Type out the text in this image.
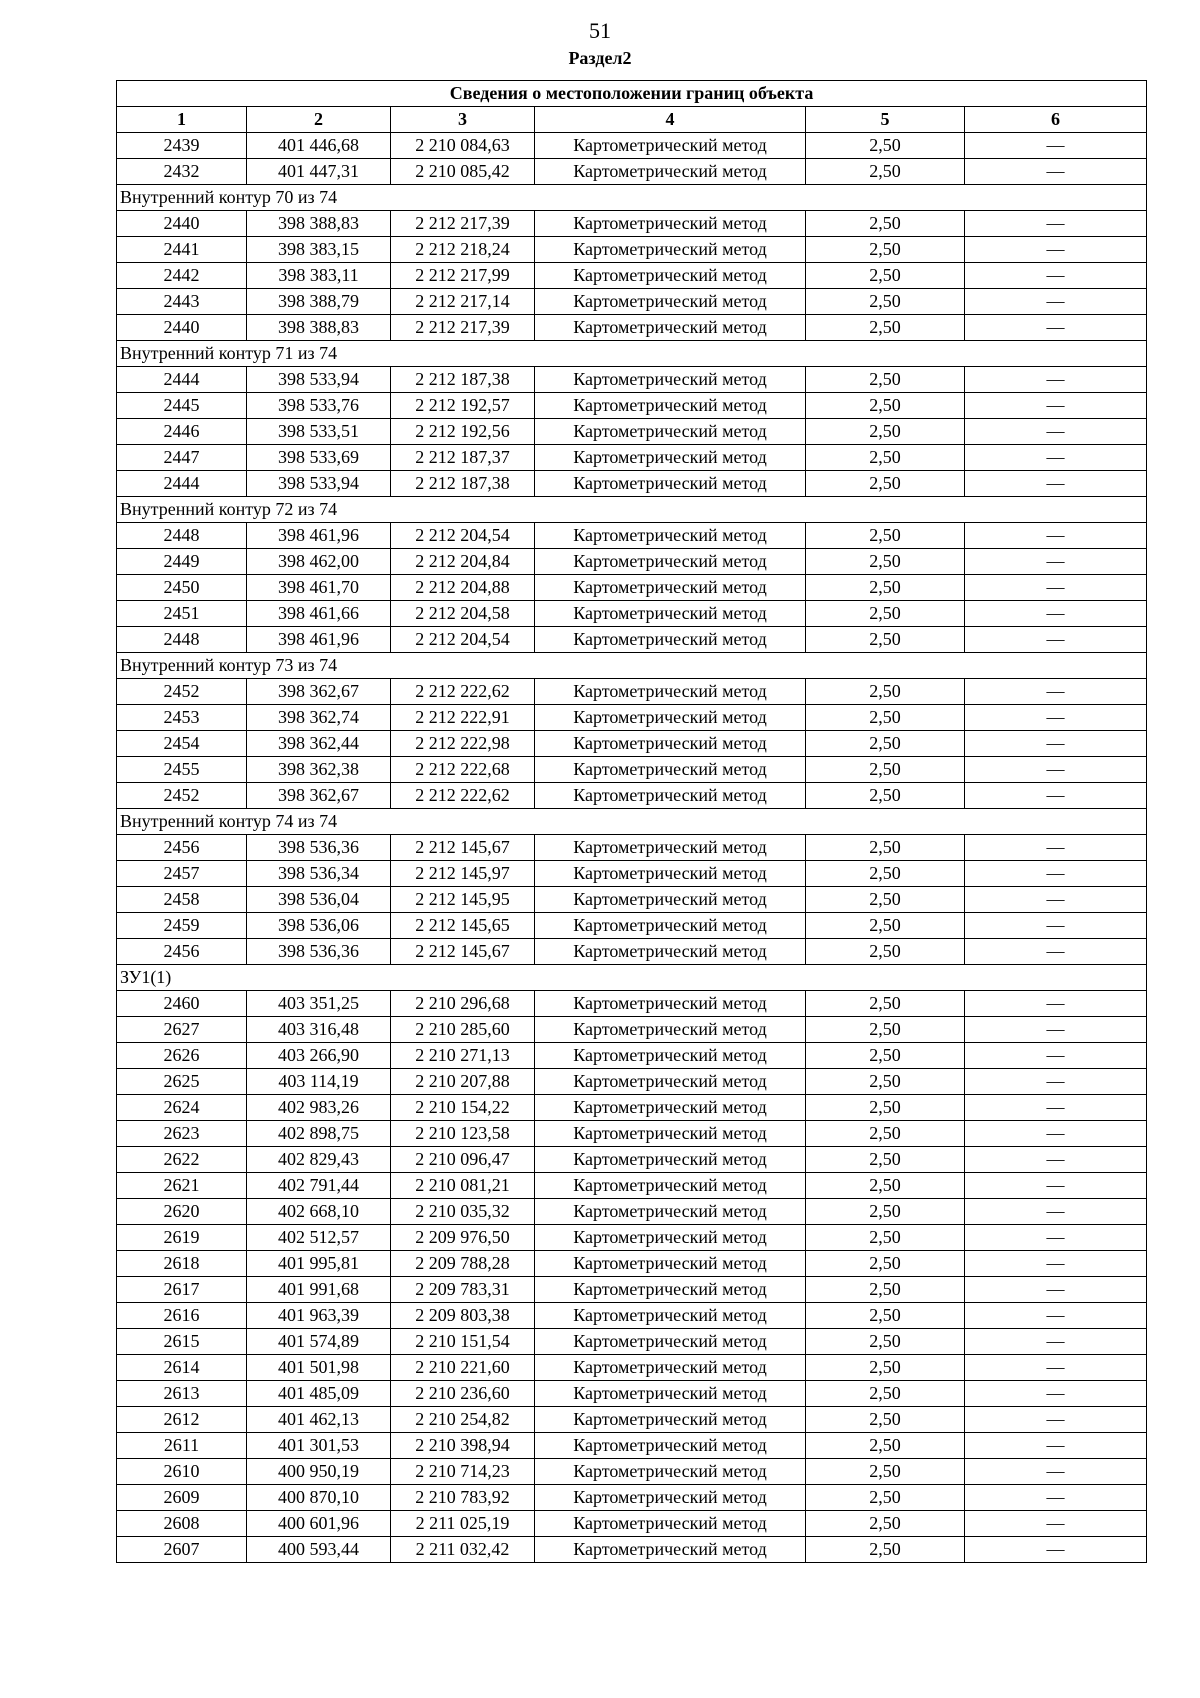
51
Раздел2
Сведения о местоположении границ объекта					
1	2	3	4	5	6
2439	401 446,68	2 210 084,63	Картометрический метод	2,50	—
2432	401 447,31	2 210 085,42	Картометрический метод	2,50	—
Внутренний контур 70 из 74					
2440	398 388,83	2 212 217,39	Картометрический метод	2,50	—
2441	398 383,15	2 212 218,24	Картометрический метод	2,50	—
2442	398 383,11	2 212 217,99	Картометрический метод	2,50	—
2443	398 388,79	2 212 217,14	Картометрический метод	2,50	—
2440	398 388,83	2 212 217,39	Картометрический метод	2,50	—
Внутренний контур 71 из 74					
2444	398 533,94	2 212 187,38	Картометрический метод	2,50	—
2445	398 533,76	2 212 192,57	Картометрический метод	2,50	—
2446	398 533,51	2 212 192,56	Картометрический метод	2,50	—
2447	398 533,69	2 212 187,37	Картометрический метод	2,50	—
2444	398 533,94	2 212 187,38	Картометрический метод	2,50	—
Внутренний контур 72 из 74					
2448	398 461,96	2 212 204,54	Картометрический метод	2,50	—
2449	398 462,00	2 212 204,84	Картометрический метод	2,50	—
2450	398 461,70	2 212 204,88	Картометрический метод	2,50	—
2451	398 461,66	2 212 204,58	Картометрический метод	2,50	—
2448	398 461,96	2 212 204,54	Картометрический метод	2,50	—
Внутренний контур 73 из 74					
2452	398 362,67	2 212 222,62	Картометрический метод	2,50	—
2453	398 362,74	2 212 222,91	Картометрический метод	2,50	—
2454	398 362,44	2 212 222,98	Картометрический метод	2,50	—
2455	398 362,38	2 212 222,68	Картометрический метод	2,50	—
2452	398 362,67	2 212 222,62	Картометрический метод	2,50	—
Внутренний контур 74 из 74					
2456	398 536,36	2 212 145,67	Картометрический метод	2,50	—
2457	398 536,34	2 212 145,97	Картометрический метод	2,50	—
2458	398 536,04	2 212 145,95	Картометрический метод	2,50	—
2459	398 536,06	2 212 145,65	Картометрический метод	2,50	—
2456	398 536,36	2 212 145,67	Картометрический метод	2,50	—
ЗУ1(1)					
2460	403 351,25	2 210 296,68	Картометрический метод	2,50	—
2627	403 316,48	2 210 285,60	Картометрический метод	2,50	—
2626	403 266,90	2 210 271,13	Картометрический метод	2,50	—
2625	403 114,19	2 210 207,88	Картометрический метод	2,50	—
2624	402 983,26	2 210 154,22	Картометрический метод	2,50	—
2623	402 898,75	2 210 123,58	Картометрический метод	2,50	—
2622	402 829,43	2 210 096,47	Картометрический метод	2,50	—
2621	402 791,44	2 210 081,21	Картометрический метод	2,50	—
2620	402 668,10	2 210 035,32	Картометрический метод	2,50	—
2619	402 512,57	2 209 976,50	Картометрический метод	2,50	—
2618	401 995,81	2 209 788,28	Картометрический метод	2,50	—
2617	401 991,68	2 209 783,31	Картометрический метод	2,50	—
2616	401 963,39	2 209 803,38	Картометрический метод	2,50	—
2615	401 574,89	2 210 151,54	Картометрический метод	2,50	—
2614	401 501,98	2 210 221,60	Картометрический метод	2,50	—
2613	401 485,09	2 210 236,60	Картометрический метод	2,50	—
2612	401 462,13	2 210 254,82	Картометрический метод	2,50	—
2611	401 301,53	2 210 398,94	Картометрический метод	2,50	—
2610	400 950,19	2 210 714,23	Картометрический метод	2,50	—
2609	400 870,10	2 210 783,92	Картометрический метод	2,50	—
2608	400 601,96	2 211 025,19	Картометрический метод	2,50	—
2607	400 593,44	2 211 032,42	Картометрический метод	2,50	—
